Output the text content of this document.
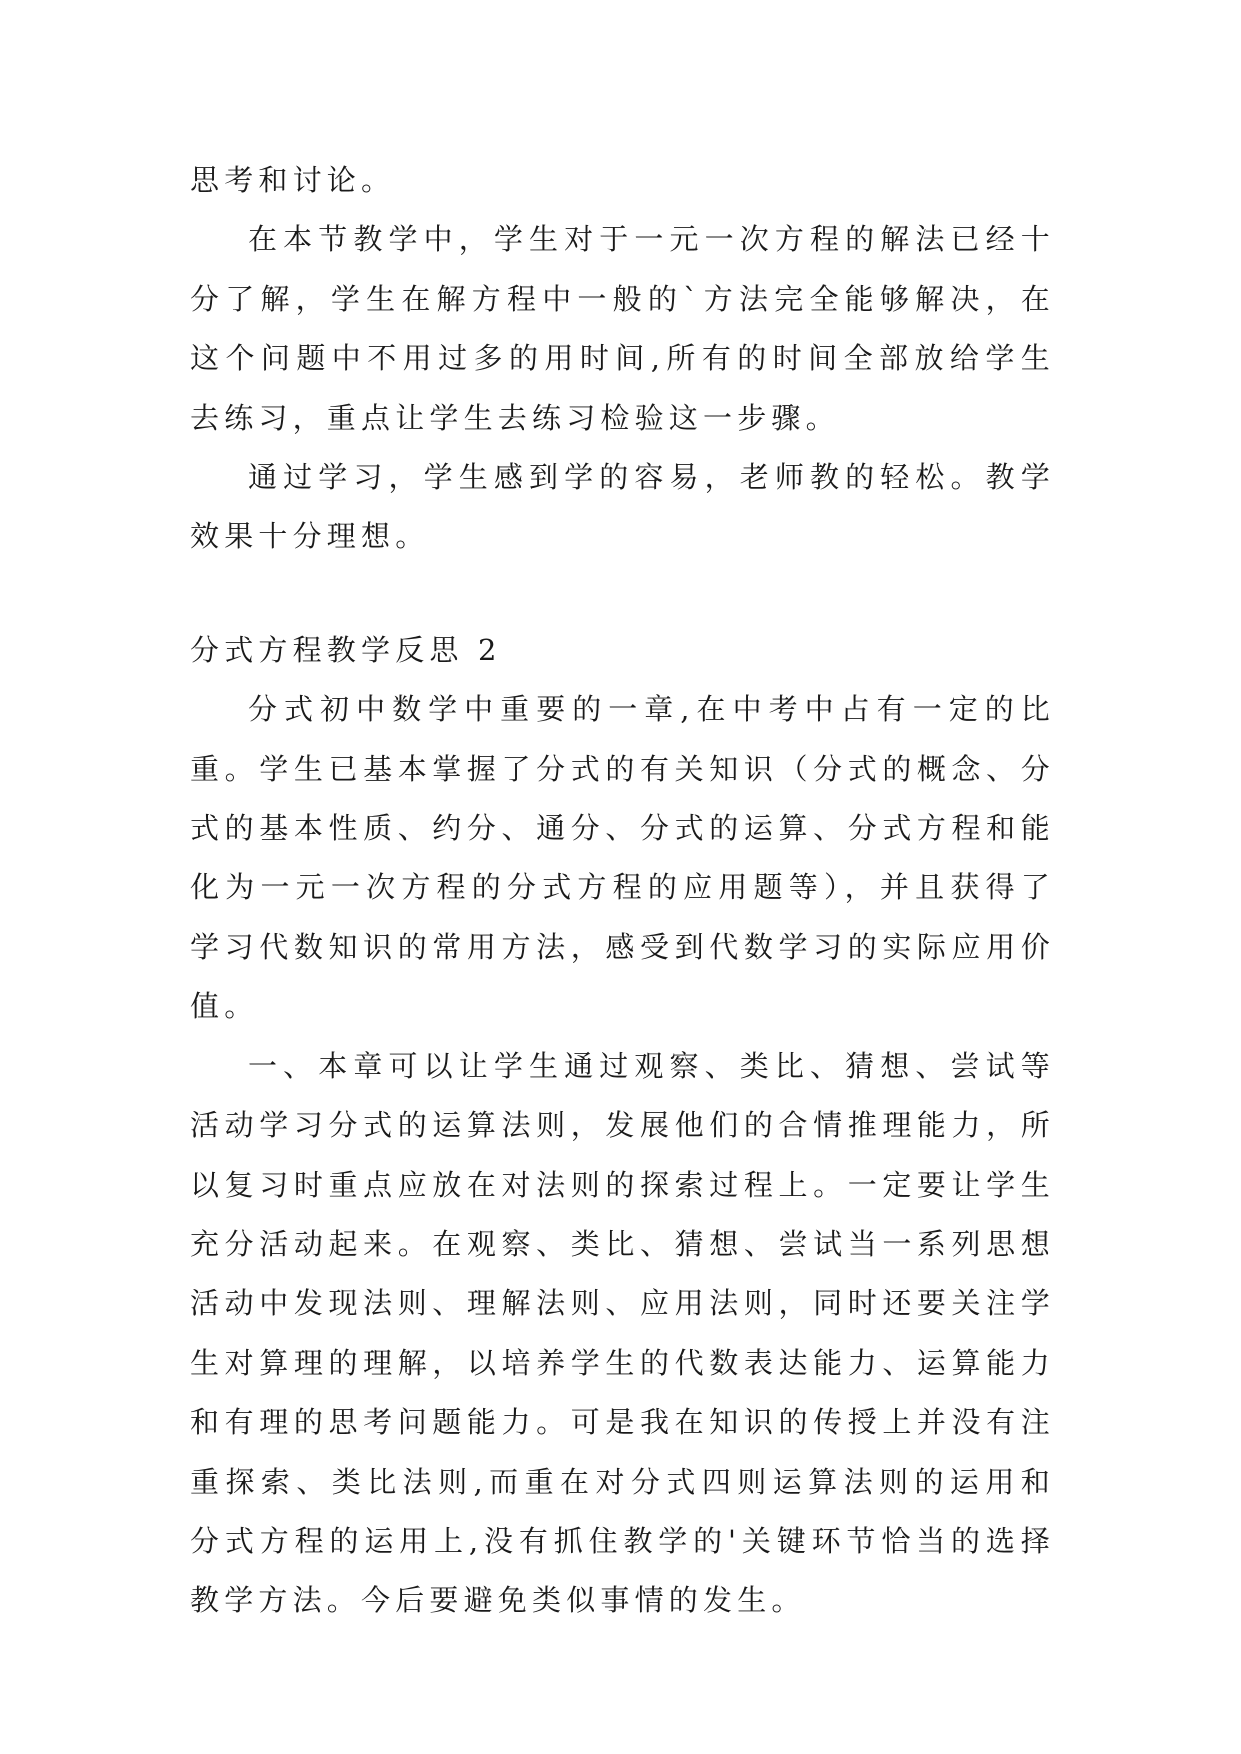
思考和讨论。

在本节教学中，学生对于一元一次方程的解法已经十分了解，学生在解方程中一般的`方法完全能够解决，在这个问题中不用过多的用时间,所有的时间全部放给学生去练习，重点让学生去练习检验这一步骤。

通过学习，学生感到学的容易，老师教的轻松。教学效果十分理想。

分式方程教学反思 2

分式初中数学中重要的一章,在中考中占有一定的比重。学生已基本掌握了分式的有关知识（分式的概念、分式的基本性质、约分、通分、分式的运算、分式方程和能化为一元一次方程的分式方程的应用题等），并且获得了学习代数知识的常用方法，感受到代数学习的实际应用价值。

一、本章可以让学生通过观察、类比、猜想、尝试等活动学习分式的运算法则，发展他们的合情推理能力，所以复习时重点应放在对法则的探索过程上。一定要让学生充分活动起来。在观察、类比、猜想、尝试当一系列思想活动中发现法则、理解法则、应用法则，同时还要关注学生对算理的理解，以培养学生的代数表达能力、运算能力和有理的思考问题能力。可是我在知识的传授上并没有注重探索、类比法则,而重在对分式四则运算法则的运用和分式方程的运用上,没有抓住教学的'关键环节恰当的选择教学方法。今后要避免类似事情的发生。
